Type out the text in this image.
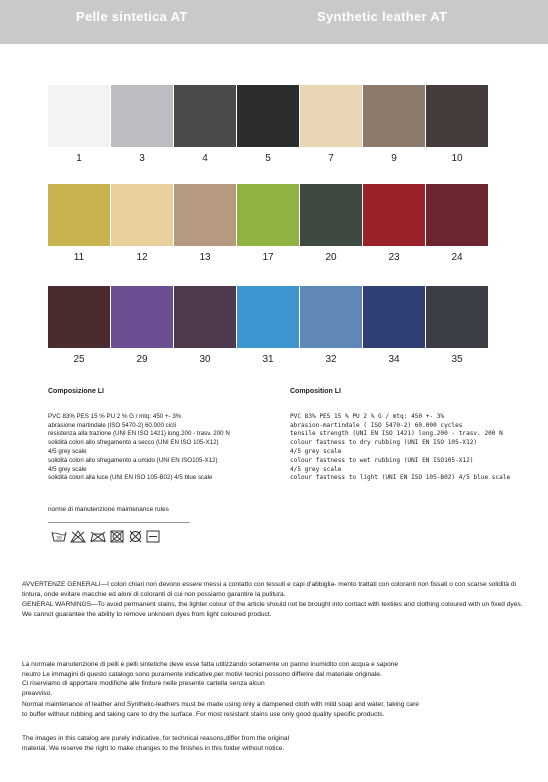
Pelle sintetica AT	Synthetic leather AT
1	3	4	5	7	9	10
11	12	13	17	20	23	24
25	29	30	31	32	34	35
Composizione LI
PVC 83% PES 15 % PU 2 % G / mtq: 450 +- 3%
abrasione martindale (ISO 5470-2) 60.000 cicli
resistenza alla trazione (UNI EN ISO 1421) long.200 - trasv. 200 N
solidità colori allo sfregamento a secco (UNI EN ISO 105-X12)
4/5 grey scale
solidità colori allo sfregamento a umido (UNI EN ISO105-X12)
4/5 grey scale
solidità colori alla luce (UNI EN ISO 105-B02) 4/5 blue scale
Composition LI
PVC 83% PES 15 % PU 2 % G / mtq: 450 +- 3%
abrasion-martindale ( ISO 5470-2) 60.000 cycles
tensile strength (UNI EN ISO 1421) long.200 - trasv. 200 N
colour fastness to dry rubbing (UNI EN ISO 105-X12)
4/5 grey scale
colour fastness to wet rubbing (UNI EN ISO105-X12)
4/5 grey scale
colour fastness to light (UNI EN ISO 105-B02) 4/5 blue scale
norme di manutenzione maintenance rules
30
AVVERTENZE GENERALI—I colori chiari non devono essere messi a contatto con tessuti e capi d'abbiglia- mento trattati con coloranti non fissati o con scarse solidità di tintura, onde evitare macchie ed aloni di coloranti di cui non possiamo garantire la pulitura.
GENERAL WARNINGS—To avoid permanent stains, the lighter colour of the article should not be brought into contact with textiles and clothing coloured with un fixed dyes. We cannot guarantee the ability to remove unknown dyes from light coloured product.
La normale manutenzione di pelli e pelli sintetiche deve esse fatta utilizzando solamente un panno inumidito con acqua e sapone
neutro Le immagini di questo catalogo sono puramente indicative,per motivi tecnici possono differire dal materiale originale.
Ci riserviamo di apportare modifiche alle finiture nelle presente cartella senza alcun
preavviso.
Normal maintenance of leather and Synthetic-leathers must be made using only a dampened cloth with mild soap and water, taking care
to buffer without rubbing and taking care to dry the surface. For most resistant stains use only good quality specific products.
The images in this catalog are purely indicative, for technical reasons,differ from the original
material. We reserve the right to make changes to the finishes in this folder without notice.
